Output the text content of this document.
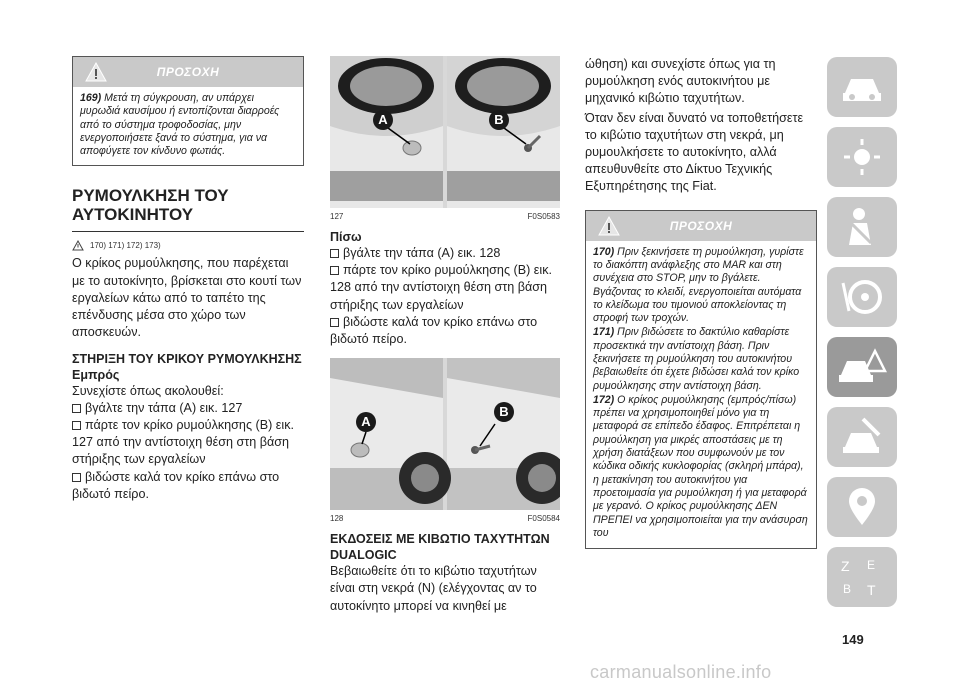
ΠΡΟΣΟΧΗ
169) Μετά τη σύγκρουση, αν υπάρχει μυρωδιά καυσίμου ή εντοπίζονται διαρροές από το σύστημα τροφοδοσίας, μην ενεργοποιήσετε ξανά το σύστημα, για να αποφύγετε τον κίνδυνο φωτιάς.
ΡΥΜΟΥΛΚΗΣΗ ΤΟΥ ΑΥΤΟΚΙΝΗΤΟΥ
170) 171) 172) 173)

Ο κρίκος ρυμούλκησης, που παρέχεται με το αυτοκίνητο, βρίσκεται στο κουτί των εργαλείων κάτω από το ταπέτο της επένδυσης μέσα στο χώρο των αποσκευών.

ΣΤΗΡΙΞΗ ΤΟΥ ΚΡΙΚΟΥ ΡΥΜΟΥΛΚΗΣΗΣ
Εμπρός

Συνεχίστε όπως ακολουθεί:

βγάλτε την τάπα (A) εικ. 127
πάρτε τον κρίκο ρυμούλκησης (B) εικ. 127 από την αντίστοιχη θέση στη βάση στήριξης των εργαλείων
βιδώστε καλά τον κρίκο επάνω στο βιδωτό πείρο.
A	B
127	F0S0583
Πίσω
βγάλτε την τάπα (A) εικ. 128
πάρτε τον κρίκο ρυμούλκησης (B) εικ. 128 από την αντίστοιχη θέση στη βάση στήριξης των εργαλείων
βιδώστε καλά τον κρίκο επάνω στο βιδωτό πείρο.
A
B
128	F0S0584
ΕΚΔΟΣΕΙΣ ΜΕ ΚΙΒΩΤΙΟ ΤΑΧΥΤΗΤΩΝ DUALOGIC

Βεβαιωθείτε ότι το κιβώτιο ταχυτήτων είναι στη νεκρά (N) (ελέγχοντας αν το αυτοκίνητο μπορεί να κινηθεί με

ώθηση) και συνεχίστε όπως για τη ρυμούλκηση ενός αυτοκινήτου με μηχανικό κιβώτιο ταχυτήτων.

Όταν δεν είναι δυνατό να τοποθετήσετε το κιβώτιο ταχυτήτων στη νεκρά, μη ρυμουλκήσετε το αυτοκίνητο, αλλά απευθυνθείτε στο Δίκτυο Τεχνικής Εξυπηρέτησης της Fiat.

ΠΡΟΣΟΧΗ
170) Πριν ξεκινήσετε τη ρυμούλκηση, γυρίστε το διακόπτη ανάφλεξης στο MAR και στη συνέχεια στο STOP, μην το βγάλετε. Βγάζοντας το κλειδί, ενεργοποιείται αυτόματα το κλείδωμα του τιμονιού αποκλείοντας τη στροφή των τροχών.
171) Πριν βιδώσετε το δακτύλιο καθαρίστε προσεκτικά την αντίστοιχη βάση. Πριν ξεκινήσετε τη ρυμούλκηση του αυτοκινήτου βεβαιωθείτε ότι έχετε βιδώσει καλά τον κρίκο ρυμούλκησης στην αντίστοιχη βάση.
172) Ο κρίκος ρυμούλκησης (εμπρός/πίσω) πρέπει να χρησιμοποιηθεί μόνο για τη μεταφορά σε επίπεδο έδαφος. Επιτρέπεται η ρυμούλκηση για μικρές αποστάσεις με τη χρήση διατάξεων που συμφωνούν με τον κώδικα οδικής κυκλοφορίας (σκληρή μπάρα), η μετακίνηση του αυτοκινήτου για προετοιμασία για ρυμούλκηση ή για μεταφορά με γερανό. Ο κρίκος ρυμούλκησης ΔΕΝ ΠΡΕΠΕΙ να χρησιμοποιείται για την ανάσυρση του
Z E
B T
149
carmanualsonline.info
